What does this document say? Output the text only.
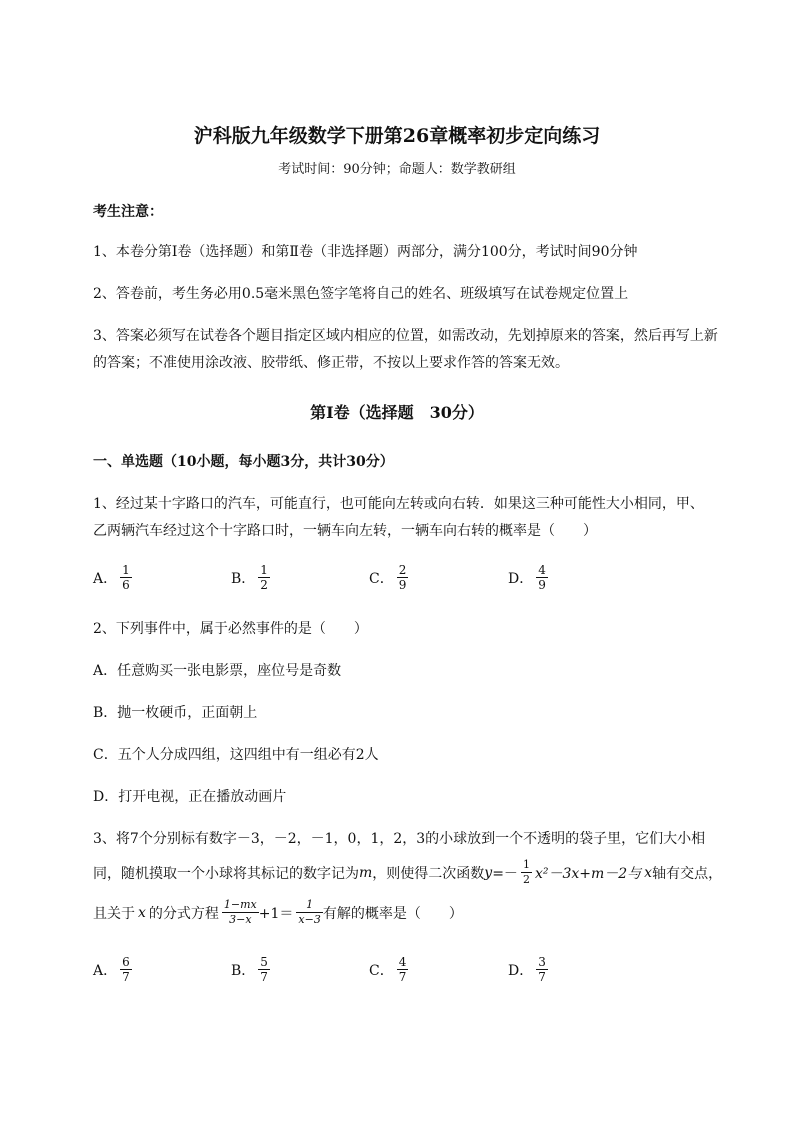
沪科版九年级数学下册第26章概率初步定向练习
考试时间：90分钟；命题人：数学教研组
考生注意：
1、本卷分第I卷（选择题）和第Ⅱ卷（非选择题）两部分，满分100分，考试时间90分钟
2、答卷前，考生务必用0.5毫米黑色签字笔将自己的姓名、班级填写在试卷规定位置上
3、答案必须写在试卷各个题目指定区域内相应的位置，如需改动，先划掉原来的答案，然后再写上新
的答案；不准使用涂改液、胶带纸、修正带，不按以上要求作答的答案无效。
第I卷（选择题　30分）
一、单选题（10小题，每小题3分，共计30分）
1、经过某十字路口的汽车，可能直行，也可能向左转或向右转．如果这三种可能性大小相同，甲、
乙两辆汽车经过这个十字路口时，一辆车向左转，一辆车向右转的概率是（　　）
A． $\frac{1}{6}$	B． $\frac{1}{2}$	C． $\frac{2}{9}$	D． $\frac{4}{9}$
2、下列事件中，属于必然事件的是（　　）
A．任意购买一张电影票，座位号是奇数
B．抛一枚硬币，正面朝上
C．五个人分成四组，这四组中有一组必有2人
D．打开电视，正在播放动画片
3、将7个分别标有数字－3，－2，－1，0，1，2，3的小球放到一个不透明的袋子里，它们大小相
同，随机摸取一个小球将其标记的数字记为 m ，则使得二次函数 $y =- \frac{1}{2} x^2-3x+m-2$与 x 轴有交点，
且关于 x 的分式方程 $\frac{1-mx}{3-x} +1= \frac{1}{x-3}$ 有解的概率是（　　）
A． $\frac{6}{7}$	B． $\frac{5}{7}$	C． $\frac{4}{7}$	D． $\frac{3}{7}$
